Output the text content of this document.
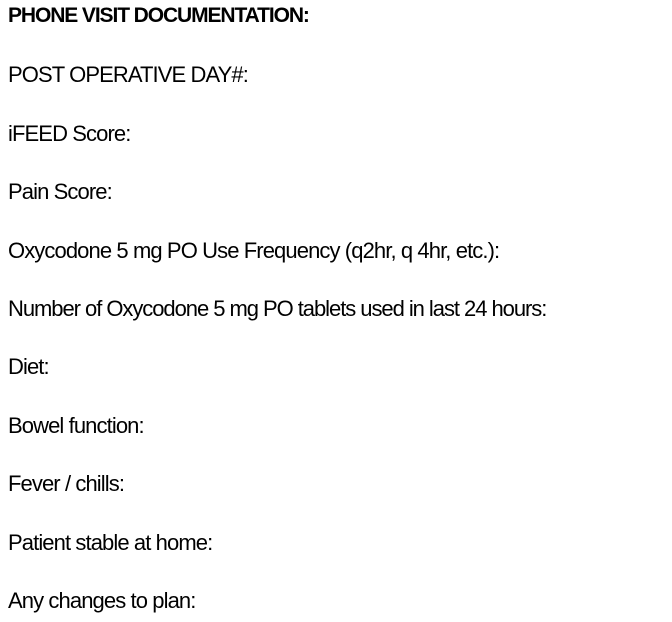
PHONE VISIT DOCUMENTATION:
POST OPERATIVE DAY#:
iFEED Score:
Pain Score:
Oxycodone 5 mg PO Use Frequency (q2hr, q 4hr, etc.):
Number of Oxycodone 5 mg PO tablets used in last 24 hours:
Diet:
Bowel function:
Fever / chills:
Patient stable at home:
Any changes to plan:
